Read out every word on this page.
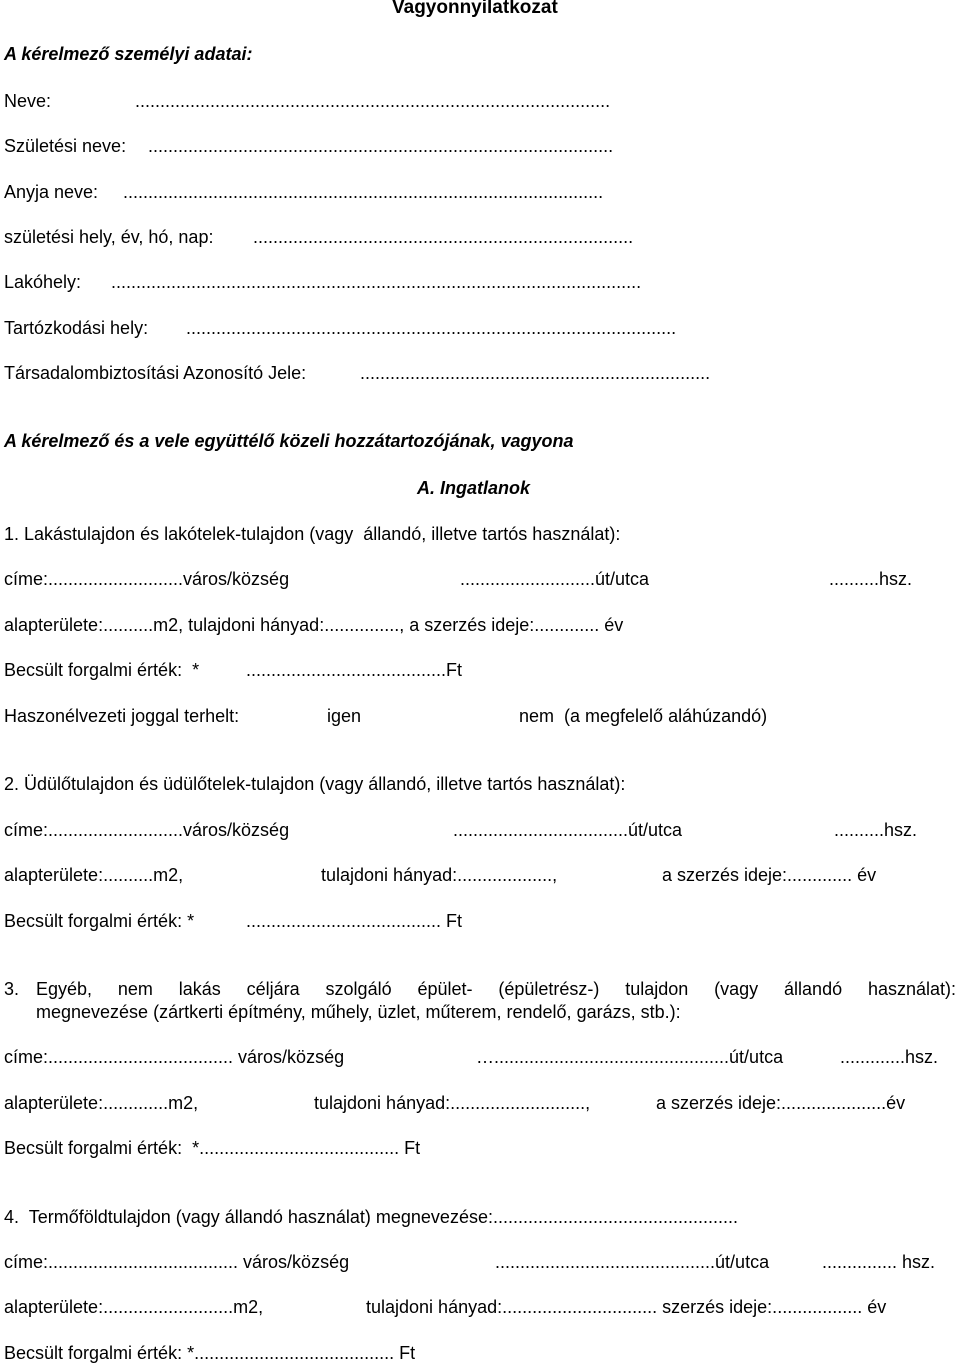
Vagyonnyilatkozat
A kérelmező személyi adatai:
Neve:	...............................................................................................
Születési neve: .............................................................................................
Anyja neve: ................................................................................................
születési hely, év, hó, nap: ............................................................................
Lakóhely: ..........................................................................................................
Tartózkodási hely: ..................................................................................................
Társadalombiztosítási Azonosító Jele:	......................................................................
A kérelmező és a vele együttélő közeli hozzátartozójának, vagyona
A. Ingatlanok
1. Lakástulajdon és lakótelek-tulajdon (vagy  állandó, illetve tartós használat):
címe:...........................város/község	...........................út/utca	..........hsz.
alapterülete:..........m2, tulajdoni hányad:..............., a szerzés ideje:............. év
Becsült forgalmi érték:  *	........................................Ft
Haszonélvezeti joggal terhelt:	igen	nem  (a megfelelő aláhúzandó)
2. Üdülőtulajdon és üdülőtelek-tulajdon (vagy állandó, illetve tartós használat):
címe:...........................város/község	...................................út/utca	..........hsz.
alapterülete:..........m2,	tulajdoni hányad:...................,	a szerzés ideje:............. év
Becsült forgalmi érték: *	....................................... Ft
3. Egyéb, nem lakás céljára szolgáló épület- (épületrész-) tulajdon (vagy állandó használat):
megnevezése (zártkerti építmény, műhely, üzlet, műterem, rendelő, garázs, stb.):
címe:..................................... város/község	…...............................................út/utca	.............hsz.
alapterülete:.............m2,	tulajdoni hányad:...........................,	a szerzés ideje:.....................év
Becsült forgalmi érték:  *........................................ Ft
4.  Termőföldtulajdon (vagy állandó használat) megnevezése:.................................................
címe:...................................... város/község	............................................út/utca	............... hsz.
alapterülete:..........................m2,	tulajdoni hányad:............................... szerzés ideje:.................. év
Becsült forgalmi érték: *........................................ Ft
